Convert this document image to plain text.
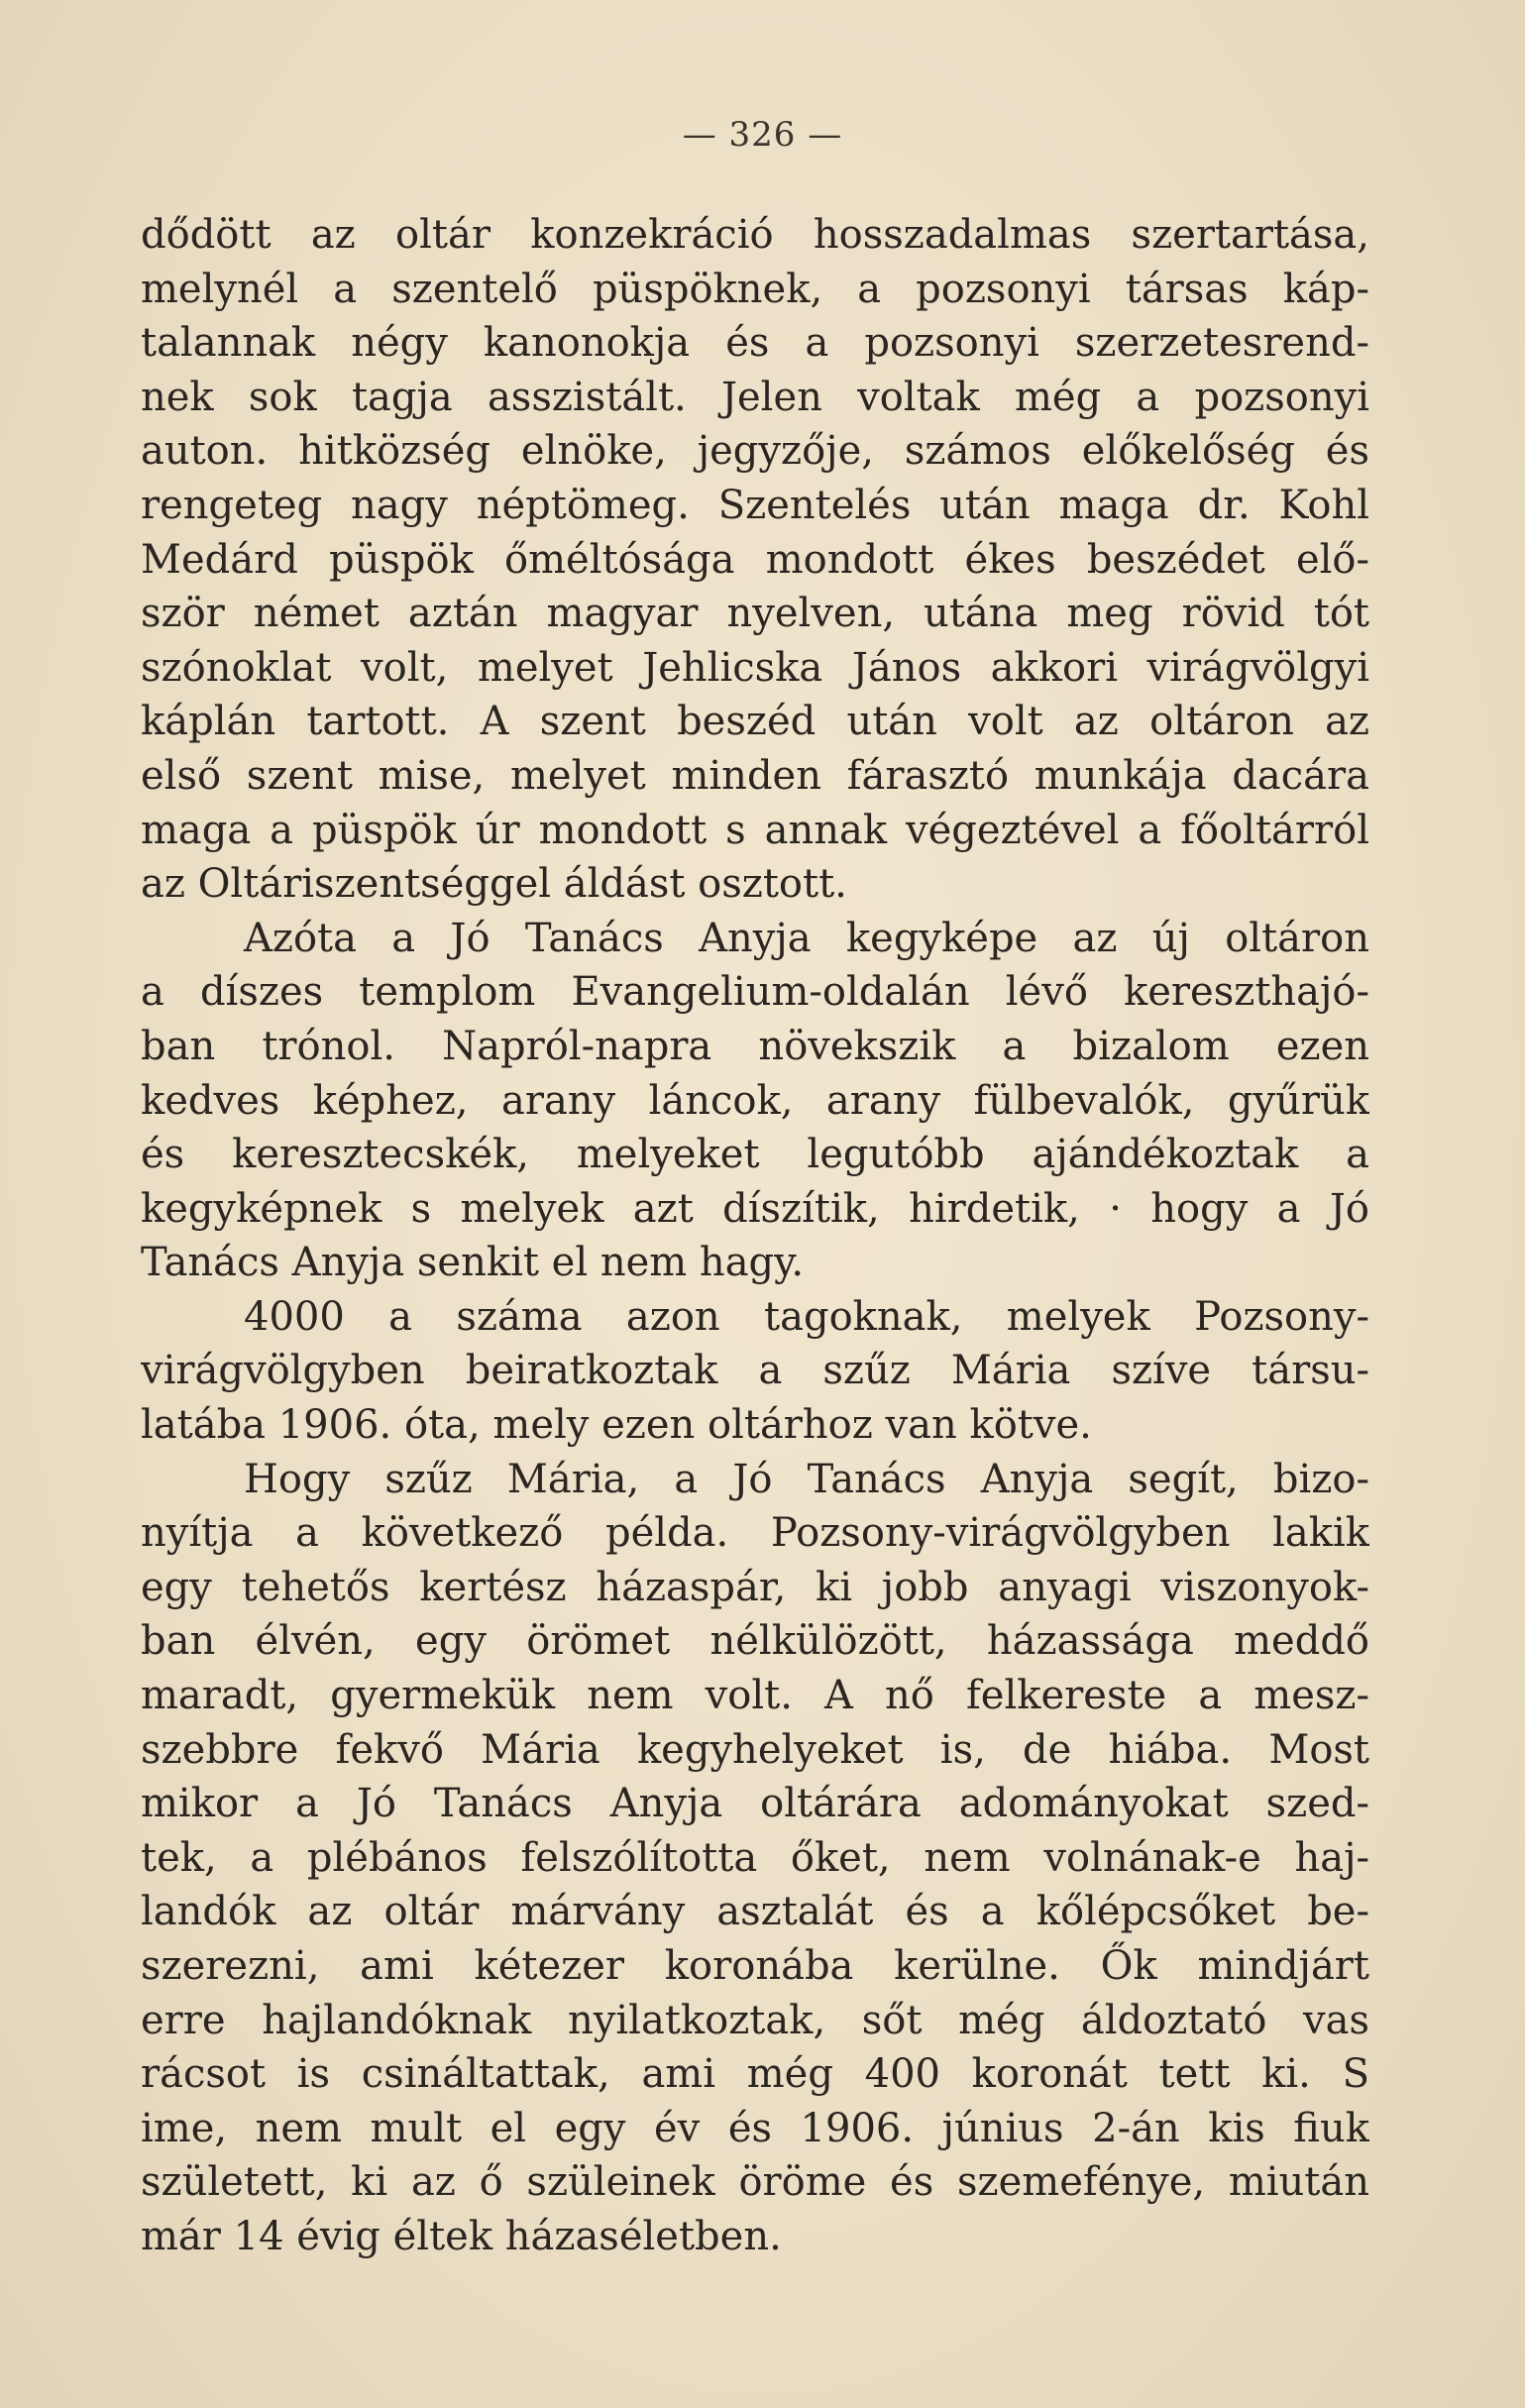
— 326 —
dődött az oltár konzekráció hosszadalmas szertartása,
melynél a szentelő püspöknek, a pozsonyi társas káp-
talannak négy kanonokja és a pozsonyi szerzetesrend-
nek sok tagja asszistált. Jelen voltak még a pozsonyi
auton. hitközség elnöke, jegyzője, számos előkelőség és
rengeteg nagy néptömeg. Szentelés után maga dr. Kohl
Medárd püspök őméltósága mondott ékes beszédet elő-
ször német aztán magyar nyelven, utána meg rövid tót
szónoklat volt, melyet Jehlicska János akkori virágvölgyi
káplán tartott. A szent beszéd után volt az oltáron az
első szent mise, melyet minden fárasztó munkája dacára
maga a püspök úr mondott s annak végeztével a főoltárról
az Oltáriszentséggel áldást osztott.
Azóta a Jó Tanács Anyja kegyképe az új oltáron
a díszes templom Evangelium-oldalán lévő kereszthajó-
ban trónol. Napról-napra növekszik a bizalom ezen
kedves képhez, arany láncok, arany fülbevalók, gyűrük
és keresztecskék, melyeket legutóbb ajándékoztak a
kegyképnek s melyek azt díszítik, hirdetik, · hogy a Jó
Tanács Anyja senkit el nem hagy.
4000 a száma azon tagoknak, melyek Pozsony-
virágvölgyben beiratkoztak a szűz Mária szíve társu-
latába 1906. óta, mely ezen oltárhoz van kötve.
Hogy szűz Mária, a Jó Tanács Anyja segít, bizo-
nyítja a következő példa. Pozsony-virágvölgyben lakik
egy tehetős kertész házaspár, ki jobb anyagi viszonyok-
ban élvén, egy örömet nélkülözött, házassága meddő
maradt, gyermekük nem volt. A nő felkereste a mesz-
szebbre fekvő Mária kegyhelyeket is, de hiába. Most
mikor a Jó Tanács Anyja oltárára adományokat szed-
tek, a plébános felszólította őket, nem volnának-e haj-
landók az oltár márvány asztalát és a kőlépcsőket be-
szerezni, ami kétezer koronába kerülne. Ők mindjárt
erre hajlandóknak nyilatkoztak, sőt még áldoztató vas
rácsot is csináltattak, ami még 400 koronát tett ki. S
ime, nem mult el egy év és 1906. június 2-án kis fiuk
született, ki az ő szüleinek öröme és szemefénye, miután
már 14 évig éltek házaséletben.
